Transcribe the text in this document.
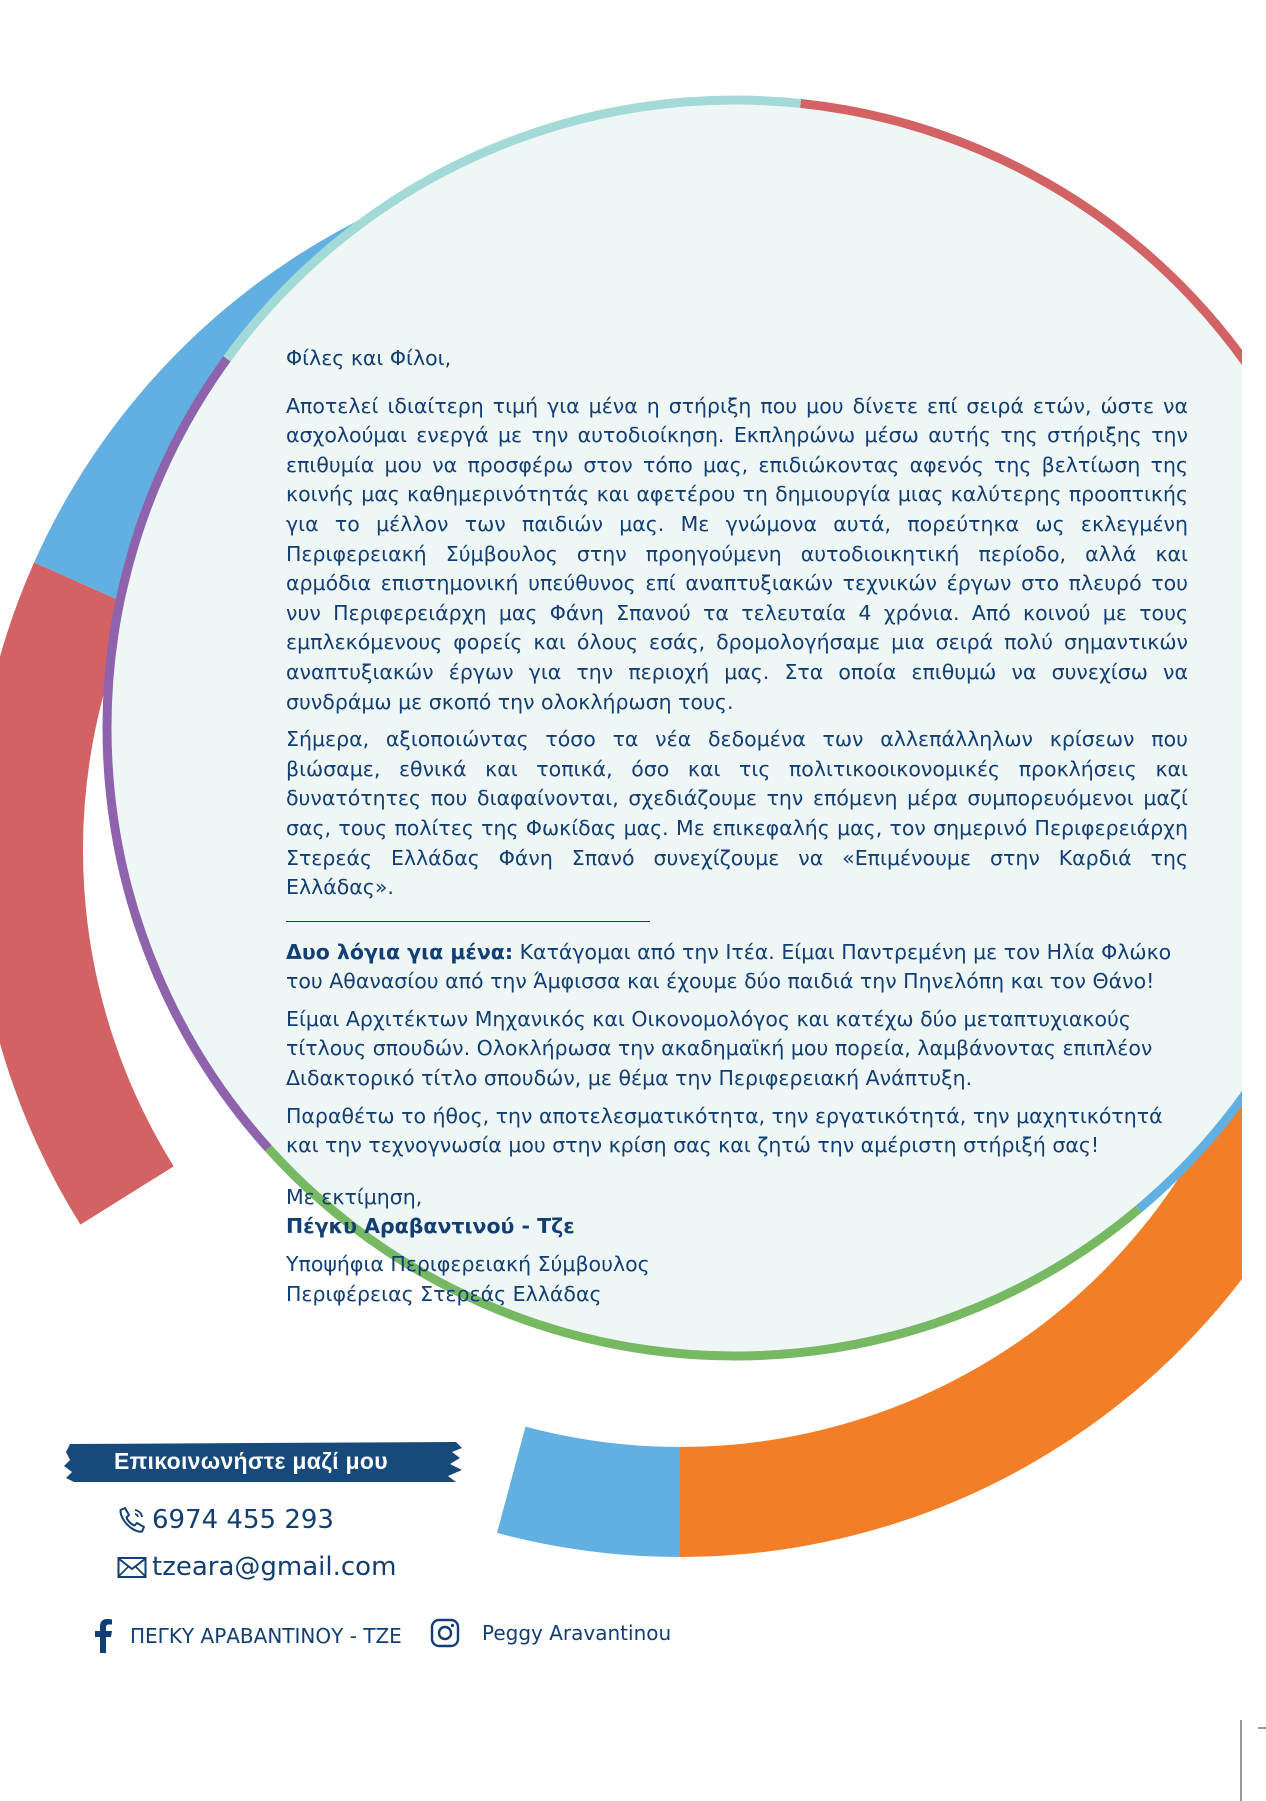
Φίλες και Φίλοι,

Αποτελεί ιδιαίτερη τιμή για μένα η στήριξη που μου δίνετε επί σειρά ετών, ώστε να ασχολούμαι ενεργά με την αυτοδιοίκηση. Εκπληρώνω μέσω αυτής της στήριξης την επιθυμία μου να προσφέρω στον τόπο μας, επιδιώκοντας αφενός της βελτίωση της κοινής μας καθημερινότητάς και αφετέρου τη δημιουργία μιας καλύτερης προοπτικής για το μέλλον των παιδιών μας. Με γνώμονα αυτά, πορεύτηκα ως εκλεγμένη Περιφερειακή Σύμβουλος στην προηγούμενη αυτοδιοικητική περίοδο, αλλά και αρμόδια επιστημονική υπεύθυνος επί αναπτυξιακών τεχνικών έργων στο πλευρό του νυν Περιφερειάρχη μας Φάνη Σπανού τα τελευταία 4 χρόνια. Από κοινού με τους εμπλεκόμενους φορείς και όλους εσάς, δρομολογήσαμε μια σειρά πολύ σημαντικών αναπτυξιακών έργων για την περιοχή μας. Στα οποία επιθυμώ να συνεχίσω να συνδράμω με σκοπό την ολοκλήρωση τους.

Σήμερα, αξιοποιώντας τόσο τα νέα δεδομένα των αλλεπάλληλων κρίσεων που βιώσαμε, εθνικά και τοπικά, όσο και τις πολιτικοοικονομικές προκλήσεις και δυνατότητες που διαφαίνονται, σχεδιάζουμε την επόμενη μέρα συμπορευόμενοι μαζί σας, τους πολίτες της Φωκίδας μας. Με επικεφαλής μας, τον σημερινό Περιφερειάρχη Στερεάς Ελλάδας Φάνη Σπανό συνεχίζουμε να «Επιμένουμε στην Καρδιά της Ελλάδας».

Δυο λόγια για μένα: Κατάγομαι από την Ιτέα. Είμαι Παντρεμένη με τον Ηλία Φλώκο του Αθανασίου από την Άμφισσα και έχουμε δύο παιδιά την Πηνελόπη και τον Θάνο!

Είμαι Αρχιτέκτων Μηχανικός και Οικονομολόγος και κατέχω δύο μεταπτυχιακούς τίτλους σπουδών. Ολοκλήρωσα την ακαδημαϊκή μου πορεία, λαμβάνοντας επιπλέον Διδακτορικό τίτλο σπουδών, με θέμα την Περιφερειακή Ανάπτυξη.

Παραθέτω το ήθος, την αποτελεσματικότητα, την εργατικότητά, την μαχητικότητά και την τεχνογνωσία μου στην κρίση σας και ζητώ την αμέριστη στήριξή σας!

Με εκτίμηση,

Πέγκυ Αραβαντινού - Τζε

Υποψήφια Περιφερειακή Σύμβουλος

Περιφέρειας Στερεάς Ελλάδας

Επικοινωνήστε μαζί μου
6974 455 293
tzeara@gmail.com
ΠΕΓΚΥ ΑΡΑΒΑΝΤΙΝΟΥ - ΤΖΕ	Peggy Aravantinou
